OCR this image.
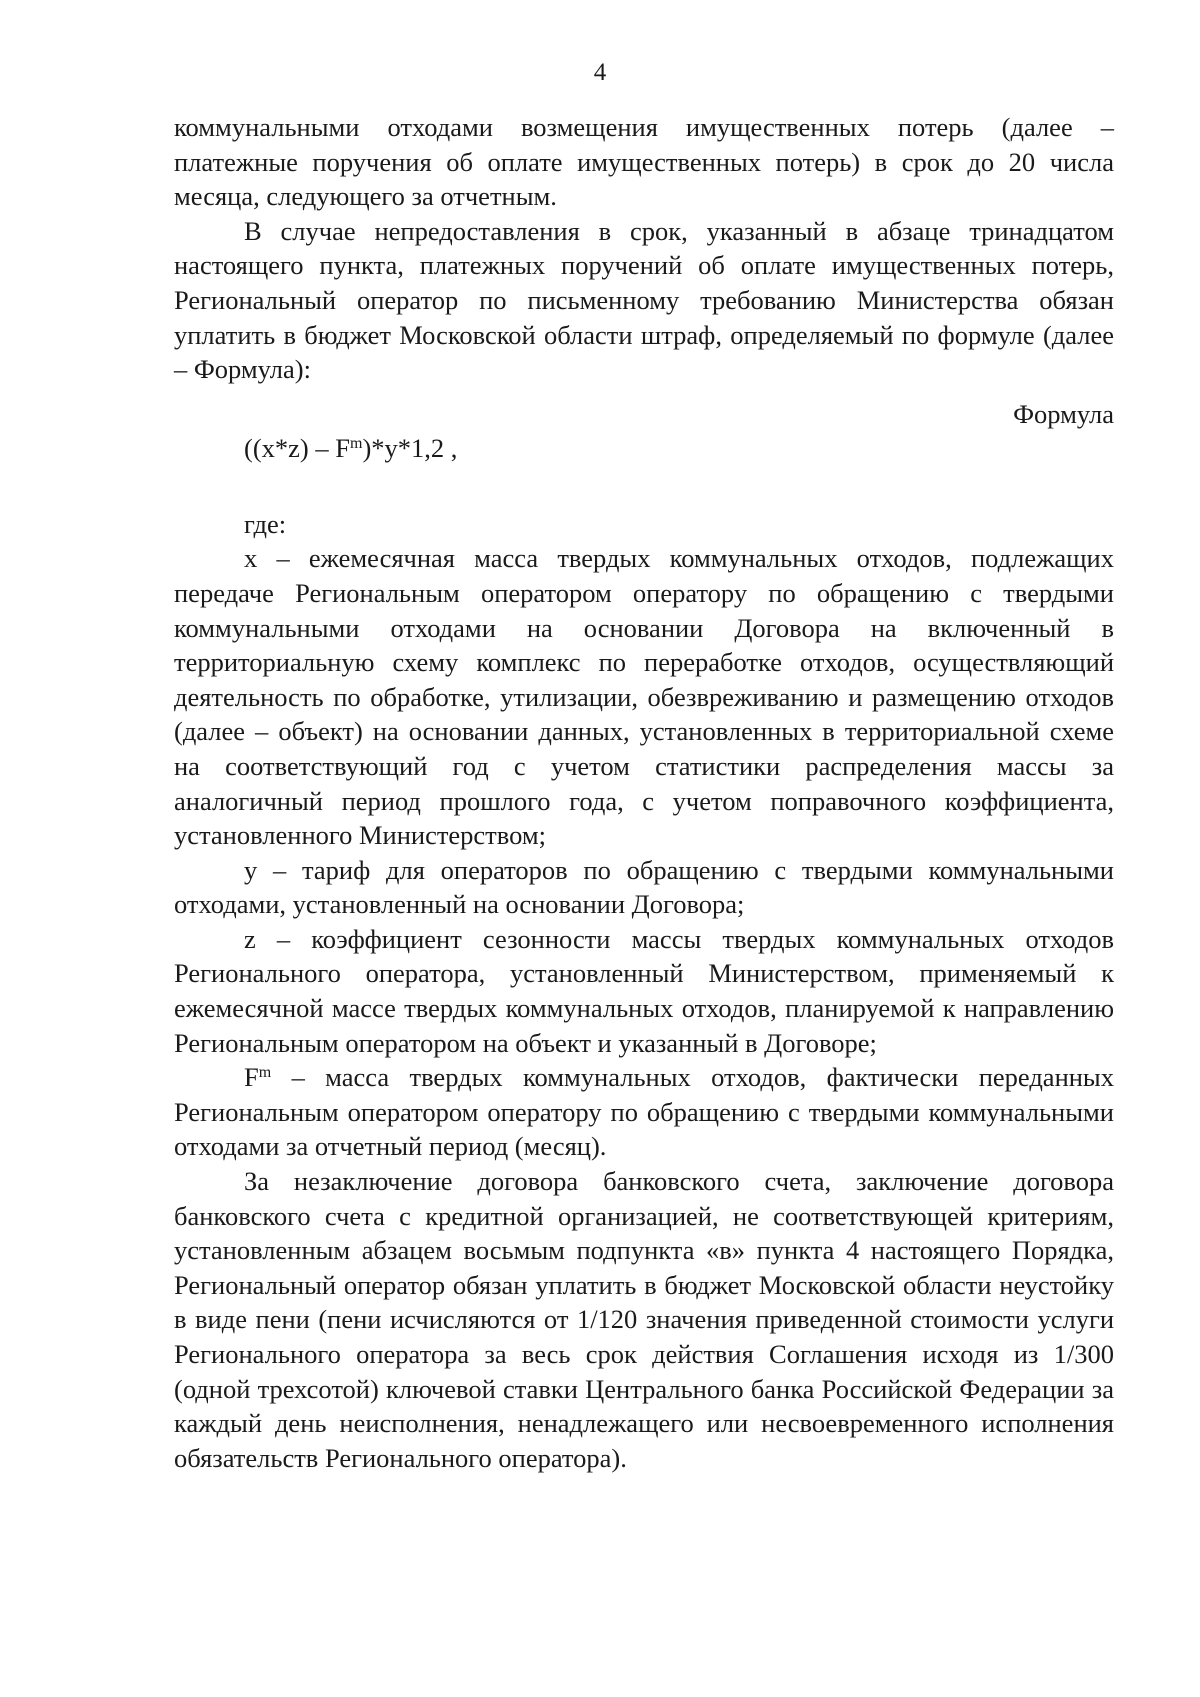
4

коммунальными отходами возмещения имущественных потерь (далее – платежные поручения об оплате имущественных потерь) в срок до 20 числа месяца, следующего за отчетным.

В случае непредоставления в срок, указанный в абзаце тринадцатом настоящего пункта, платежных поручений об оплате имущественных потерь, Региональный оператор по письменному требованию Министерства обязан уплатить в бюджет Московской области штраф, определяемый по формуле (далее – Формула):

Формула

$((x*z) - F^m)*y*1,2$ ,

где:

x – ежемесячная масса твердых коммунальных отходов, подлежащих передаче Региональным оператором оператору по обращению с твердыми коммунальными отходами на основании Договора на включенный в территориальную схему комплекс по переработке отходов, осуществляющий деятельность по обработке, утилизации, обезвреживанию и размещению отходов (далее – объект) на основании данных, установленных в территориальной схеме на соответствующий год с учетом статистики распределения массы за аналогичный период прошлого года, с учетом поправочного коэффициента, установленного Министерством;

y – тариф для операторов по обращению с твердыми коммунальными отходами, установленный на основании Договора;

z – коэффициент сезонности массы твердых коммунальных отходов Регионального оператора, установленный Министерством, применяемый к ежемесячной массе твердых коммунальных отходов, планируемой к направлению Региональным оператором на объект и указанный в Договоре;

$F^m$ – масса твердых коммунальных отходов, фактически переданных Региональным оператором оператору по обращению с твердыми коммунальными отходами за отчетный период (месяц).

За незаключение договора банковского счета, заключение договора банковского счета с кредитной организацией, не соответствующей критериям, установленным абзацем восьмым подпункта «в» пункта 4 настоящего Порядка, Региональный оператор обязан уплатить в бюджет Московской области неустойку в виде пени (пени исчисляются от 1/120 значения приведенной стоимости услуги Регионального оператора за весь срок действия Соглашения исходя из 1/300 (одной трехсотой) ключевой ставки Центрального банка Российской Федерации за каждый день неисполнения, ненадлежащего или несвоевременного исполнения обязательств Регионального оператора).
